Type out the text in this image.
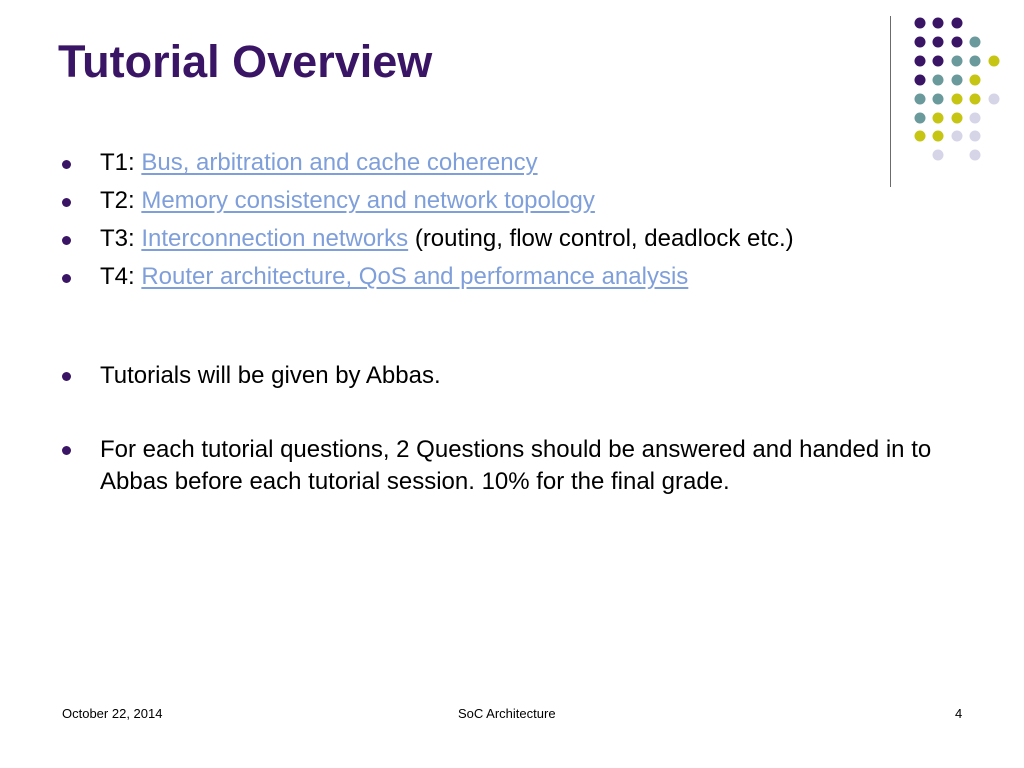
Tutorial Overview
T1: Bus, arbitration and cache coherency
T2: Memory consistency and network topology
T3: Interconnection networks (routing, flow control, deadlock etc.)
T4: Router architecture, QoS and performance analysis
Tutorials will be given by Abbas.
For each tutorial questions, 2 Questions should be answered and handed in to Abbas before each tutorial session. 10% for the final grade.
October 22, 2014	SoC Architecture	4
